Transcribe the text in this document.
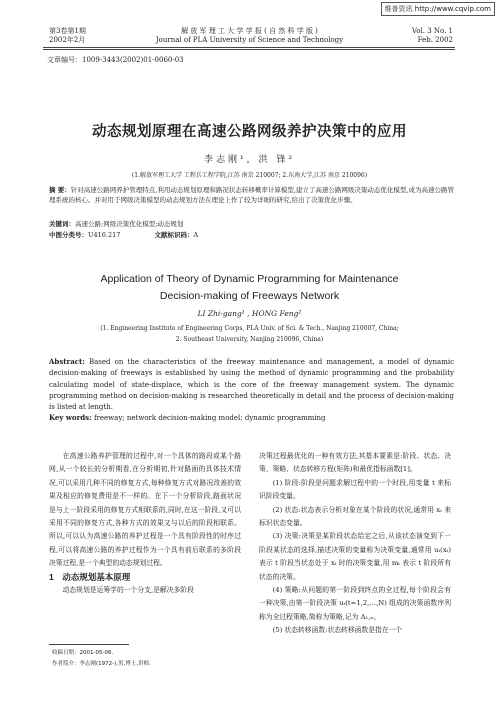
维普资讯 http://www.cqvip.com
第3卷第1期
2002年2月
解 放 军 理 工 大 学 学 报 ( 自 然 科 学 版 )
Journal of PLA University of Science and Technology
Vol. 3 No. 1
Feb. 2002
文章编号：1009-3443(2002)01-0060-03
动态规划原理在高速公路网级养护决策中的应用
李志刚¹，洪 锋²
(1.解放军理工大学 工程兵工程学院,江苏 南京 210007; 2.东南大学,江苏 南京 210096)
摘 要：针对高速公路网养护管理特点,利用动态规划原理和路况状态转移概率计算模型,建立了高速公路网级决策动态优化模型,成为高速公路管理系统的核心。并对用于网级决策模型的动态规划方法在理论上作了较为详细的研究,给出了决策优化步骤。
关键词：高速公路;网级决策优化模型;动态规划
中图分类号：U416.217	文献标识码：A
Application of Theory of Dynamic Programming for Maintenance
Decision-making of Freeways Network
LI Zhi-gang¹ , HONG Feng²
(1. Engineering Institute of Engineering Corps, PLA Univ. of Sci. & Tech., Nanjing 210007, China;
2. Southeast University, Nanjing 210096, China)
Abstract: Based on the characteristics of the freeway maintenance and management, a model of dynamic decision-making of freeways is established by using the method of dynamic programming and the probability calculating model of state-displace, which is the core of the freeway management system. The dynamic programming method on decision-making is researched theoretically in detail and the process of decision-making is listed at length.
Key words: freeway; network decision-making model; dynamic programming

在高速公路养护管理的过程中,对一个具体的路段或某个路网,从一个较长的分析期看,在分析期初,针对路面的具体技术情况,可以采用几种不同的修复方式,每种修复方式对路况改善的效果及相应的修复费用是不一样的。在下一个分析阶段,路面状况是与上一阶段采用的修复方式相联系的,同时,在这一阶段,又可以采用不同的修复方式,各种方式的效果又与以后的阶段相联系。所以,可以认为高速公路的养护过程是一个具有阶段性的时序过程,可以将高速公路的养护过程作为一个具有前后联系的多阶段决策过程,是一个典型的动态规划过程。

1　动态规划基本原理

动态规划是运筹学的一个分支,是解决多阶段

决策过程最优化的一种有效方法,其基本要素是:阶段、状态、决策、策略、状态转移方程(矩阵)和最优指标函数[1]。

(1) 阶段:阶段是问题求解过程中的一个时段,用变量 t 来标识阶段变量。

(2) 状态:状态表示分析对象在某个阶段的状况,通常用 xₜ 来标识状态变量。

(3) 决策:决策是某阶段状态给定之后,从该状态演变到下一阶段某状态的选择,描述决策的变量称为决策变量,通常用 uₜ(xₜ) 表示 t 阶段当状态处于 xₜ 时的决策变量,用 mₜ 表示 t 阶段所有状态的决策。

(4) 策略:从问题的第一阶段到终点的全过程,每个阶段会有一种决策,由第一阶段决策 uₜ(t=1,2,…,N) 组成的决策函数序列称为全过程策略,简称为策略,记为 A₁,ₙ。

(5) 状态转移函数:状态转移函数是指在一个

收稿日期：2001-05-06.
作者简介：李志刚(1972-),男,博士,讲师.
